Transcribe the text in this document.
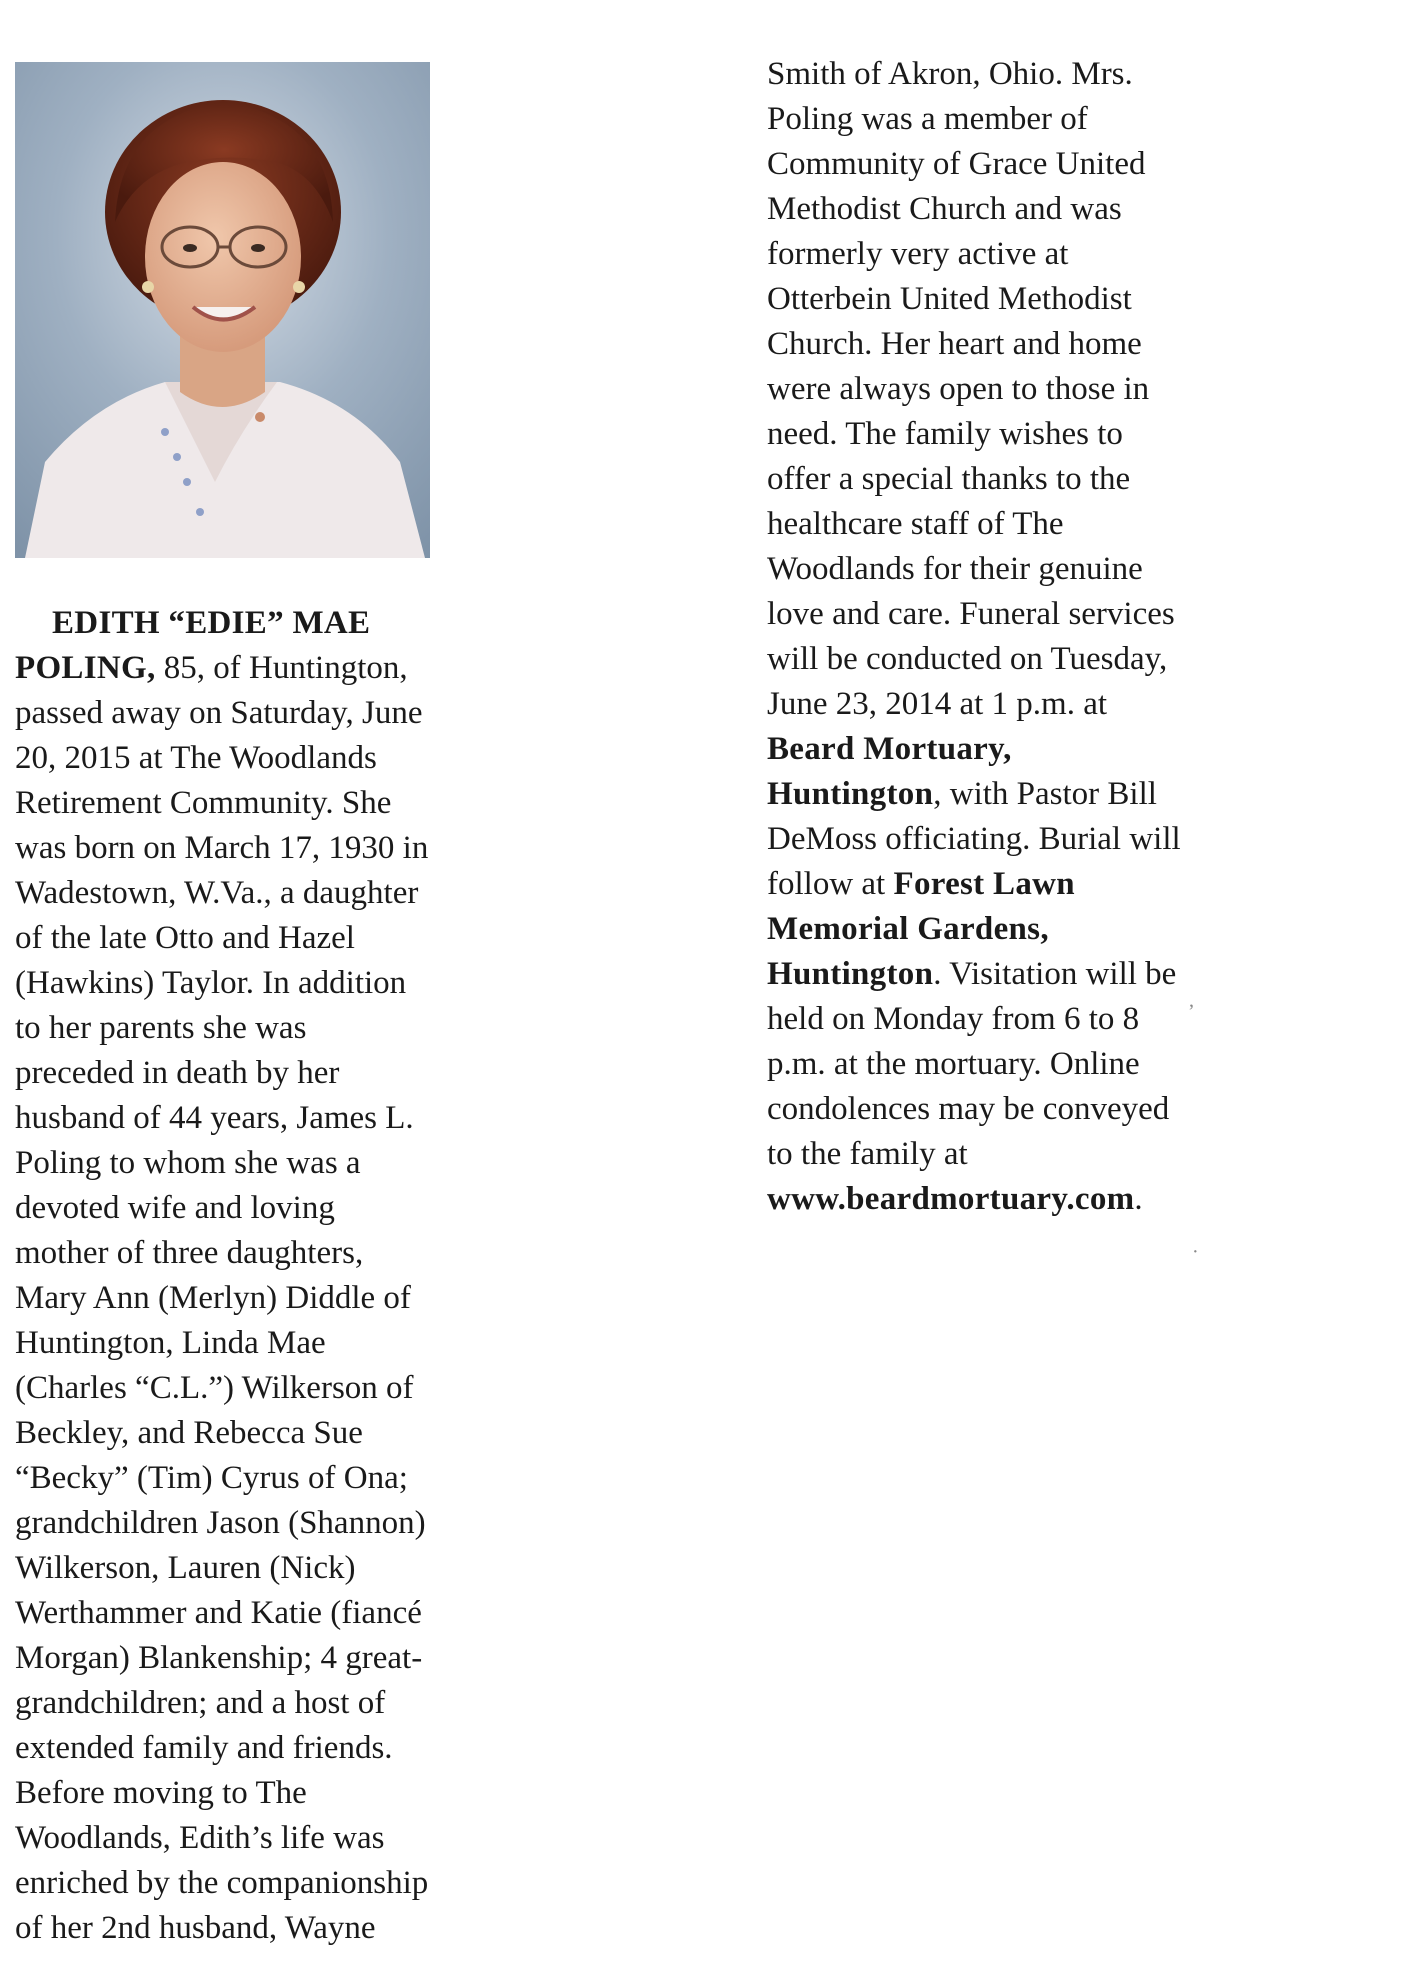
EDITH “EDIE” MAE
POLING, 85, of Huntington,
passed away on Saturday, June
20, 2015 at The Woodlands
Retirement Community. She
was born on March 17, 1930 in
Wadestown, W.Va., a daughter
of the late Otto and Hazel
(Hawkins) Taylor. In addition
to her parents she was
preceded in death by her
husband of 44 years, James L.
Poling to whom she was a
devoted wife and loving
mother of three daughters,
Mary Ann (Merlyn) Diddle of
Huntington, Linda Mae
(Charles “C.L.”) Wilkerson of
Beckley, and Rebecca Sue
“Becky” (Tim) Cyrus of Ona;
grandchildren Jason (Shannon)
Wilkerson, Lauren (Nick)
Werthammer and Katie (fiancé
Morgan) Blankenship; 4 great-
grandchildren; and a host of
extended family and friends.
Before moving to The
Woodlands, Edith’s life was
enriched by the companionship
of her 2nd husband, Wayne
Smith of Akron, Ohio. Mrs.
Poling was a member of
Community of Grace United
Methodist Church and was
formerly very active at
Otterbein United Methodist
Church. Her heart and home
were always open to those in
need. The family wishes to
offer a special thanks to the
healthcare staff of The
Woodlands for their genuine
love and care. Funeral services
will be conducted on Tuesday,
June 23, 2014 at 1 p.m. at
Beard Mortuary,
Huntington, with Pastor Bill
DeMoss officiating. Burial will
follow at Forest Lawn
Memorial Gardens,
Huntington. Visitation will be
held on Monday from 6 to 8
p.m. at the mortuary. Online
condolences may be conveyed
to the family at
www.beardmortuary.com.
·
ʼ
